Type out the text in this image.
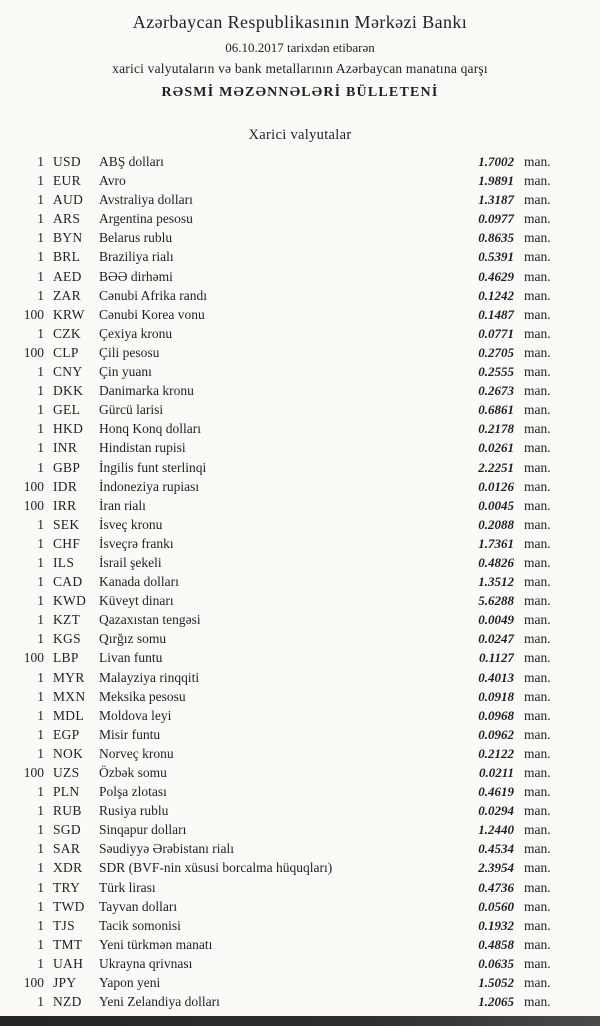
Azərbaycan Respublikasının Mərkəzi Bankı
06.10.2017 tarixdən etibarən
xarici valyutaların və bank metallarının Azərbaycan manatına qarşı
RƏSMİ MƏZƏNNƏLƏRİ BÜLLETENİ
Xarici valyutalar
1 USD	ABŞ dolları	1.7002 man.
1 EUR	Avro	1.9891 man.
1 AUD	Avstraliya dolları	1.3187 man.
1 ARS	Argentina pesosu	0.0977 man.
1 BYN	Belarus rublu	0.8635 man.
1 BRL	Braziliya rialı	0.5391 man.
1 AED	BƏƏ dirhəmi	0.4629 man.
1 ZAR	Cənubi Afrika randı	0.1242 man.
100 KRW	Cənubi Korea vonu	0.1487 man.
1 CZK	Çexiya kronu	0.0771 man.
100 CLP	Çili pesosu	0.2705 man.
1 CNY	Çin yuanı	0.2555 man.
1 DKK	Danimarka kronu	0.2673 man.
1 GEL	Gürcü larisi	0.6861 man.
1 HKD	Honq Konq dolları	0.2178 man.
1 INR	Hindistan rupisi	0.0261 man.
1 GBP	İngilis funt sterlinqi	2.2251 man.
100 IDR	İndoneziya rupiası	0.0126 man.
100 IRR	İran rialı	0.0045 man.
1 SEK	İsveç kronu	0.2088 man.
1 CHF	İsveçrə frankı	1.7361 man.
1 ILS	İsrail şekeli	0.4826 man.
1 CAD	Kanada dolları	1.3512 man.
1 KWD Küveyt dinarı	5.6288 man.
1 KZT	Qazaxıstan tengəsi	0.0049 man.
1 KGS	Qırğız somu	0.0247 man.
100 LBP	Livan funtu	0.1127 man.
1 MYR	Malayziya rinqqiti	0.4013 man.
1 MXN	Meksika pesosu	0.0918 man.
1 MDL	Moldova leyi	0.0968 man.
1 EGP	Misir funtu	0.0962 man.
1 NOK	Norveç kronu	0.2122 man.
100 UZS	Özbək somu	0.0211 man.
1 PLN	Polşa zlotası	0.4619 man.
1 RUB	Rusiya rublu	0.0294 man.
1 SGD	Sinqapur dolları	1.2440 man.
1 SAR	Səudiyyə Ərəbistanı rialı	0.4534 man.
1 XDR	SDR (BVF-nin xüsusi borcalma hüquqları)	2.3954 man.
1 TRY	Türk lirası	0.4736 man.
1 TWD	Tayvan dolları	0.0560 man.
1 TJS	Tacik somonisi	0.1932 man.
1 TMT	Yeni türkmən manatı	0.4858 man.
1 UAH	Ukrayna qrivnası	0.0635 man.
100 JPY	Yapon yeni	1.5052 man.
1 NZD	Yeni Zelandiya dolları	1.2065 man.
